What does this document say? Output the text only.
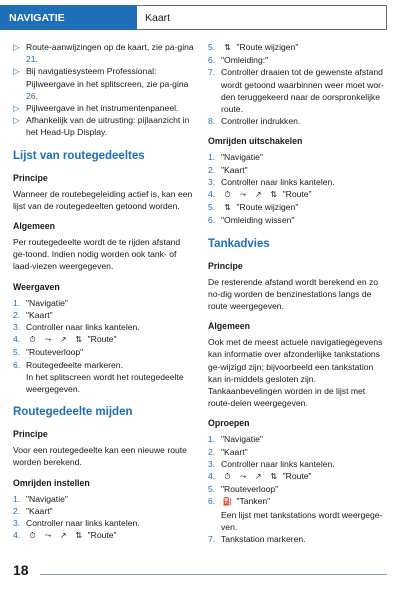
NAVIGATIE	Kaart
▷ Route-aanwijzingen op de kaart, zie pa-gina 21.
▷ Bij navigatiesysteem Professional:
Pijlweergave in het splitscreen, zie pa-gina 26.
▷ Pijlweergave in het instrumentenpaneel.
▷ Afhankelijk van de uitrusting: pijlaanzicht in het Head-Up Display.
Lijst van routegedeeltes
Principe

Wanneer de routebegeleiding actief is, kan een lijst van de routegedeelten getoond worden.

Algemeen

Per routegedeelte wordt de te rijden afstand ge-toond. Indien nodig worden ook tank- of laad-viezen weergegeven.

Weergaven
1. "Navigatie"
2. "Kaart"
3. Controller naar links kantelen.
4. ⏱ ⤳ ↗ ⇅ "Route"
5. "Routeverloop"
6. Routegedeelte markeren.
In het splitscreen wordt het routegedeelte weergegeven.
Routegedeelte mijden
Principe

Voor een routegedeelte kan een nieuwe route worden berekend.

Omrijden instellen
1. "Navigatie"
2. "Kaart"
3. Controller naar links kantelen.
4. ⏱ ⤳ ↗ ⇅ "Route"
5. ⇅ "Route wijzigen"
6. "Omleiding:"
7. Controller draaien tot de gewenste afstand wordt getoond waarbinnen weer moet wor-den teruggekeerd naar de oorspronkelijke route.
8. Controller indrukken.
Omrijden uitschakelen
1. "Navigatie"
2. "Kaart"
3. Controller naar links kantelen.
4. ⏱ ⤳ ↗ ⇅ "Route"
5. ⇅ "Route wijzigen"
6. "Omleiding wissen"
Tankadvies
Principe

De resterende afstand wordt berekend en zo no-dig worden de benzinestations langs de route weergegeven.

Algemeen

Ook met de meest actuele navigatiegegevens kan informatie over afzonderlijke tankstations ge-wijzigd zijn; bijvoorbeeld een tankstation kan in-middels gesloten zijn.

Tankaanbevelingen worden in de lijst met route-delen weergegeven.

Oproepen
1. "Navigatie"
2. "Kaart"
3. Controller naar links kantelen.
4. ⏱ ⤳ ↗ ⇅ "Route"
5. "Routeverloop"
6. ⛽ "Tanken"
Een lijst met tankstations wordt weergege-ven.
7. Tankstation markeren.
18
